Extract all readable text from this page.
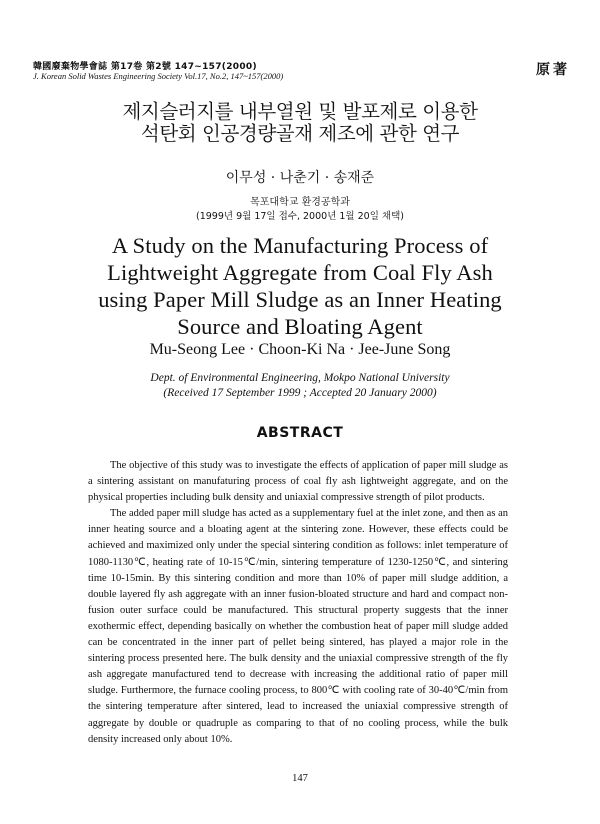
韓國廢棄物學會誌 第17卷 第2號 147~157(2000)
J. Korean Solid Wastes Engineering Society Vol.17, No.2, 147~157(2000)	原著
제지슬러지를 내부열원 및 발포제로 이용한
석탄회 인공경량골재 제조에 관한 연구
이무성 · 나춘기 · 송재준
목포대학교 환경공학과
(1999년 9월 17일 접수, 2000년 1월 20일 채택)
A Study on the Manufacturing Process of
Lightweight Aggregate from Coal Fly Ash
using Paper Mill Sludge as an Inner Heating
Source and Bloating Agent
Mu-Seong Lee · Choon-Ki Na · Jee-June Song
Dept. of Environmental Engineering, Mokpo National University
(Received 17 September 1999 ; Accepted 20 January 2000)
ABSTRACT

The objective of this study was to investigate the effects of application of paper mill sludge as a sintering assistant on manufaturing process of coal fly ash lightweight aggregate, and on the physical properties including bulk density and uniaxial compressive strength of pilot products.

The added paper mill sludge has acted as a supplementary fuel at the inlet zone, and then as an inner heating source and a bloating agent at the sintering zone. However, these effects could be achieved and maximized only under the special sintering condition as follows: inlet temperature of 1080-1130℃, heating rate of 10-15℃/min, sintering temperature of 1230-1250℃, and sintering time 10-15min. By this sintering condition and more than 10% of paper mill sludge addition, a double layered fly ash aggregate with an inner fusion-bloated structure and hard and compact non-fusion outer surface could be manufactured. This structural property suggests that the inner exothermic effect, depending basically on whether the combustion heat of paper mill sludge added can be concentrated in the inner part of pellet being sintered, has played a major role in the sintering process presented here. The bulk density and the uniaxial compressive strength of the fly ash aggregate manufactured tend to decrease with increasing the additional ratio of paper mill sludge. Furthermore, the furnace cooling process, to 800℃ with cooling rate of 30-40℃/min from the sintering temperature after sintered, lead to increased the uniaxial compressive strength of aggregate by double or quadruple as comparing to that of no cooling process, while the bulk density increased only about 10%.

147
